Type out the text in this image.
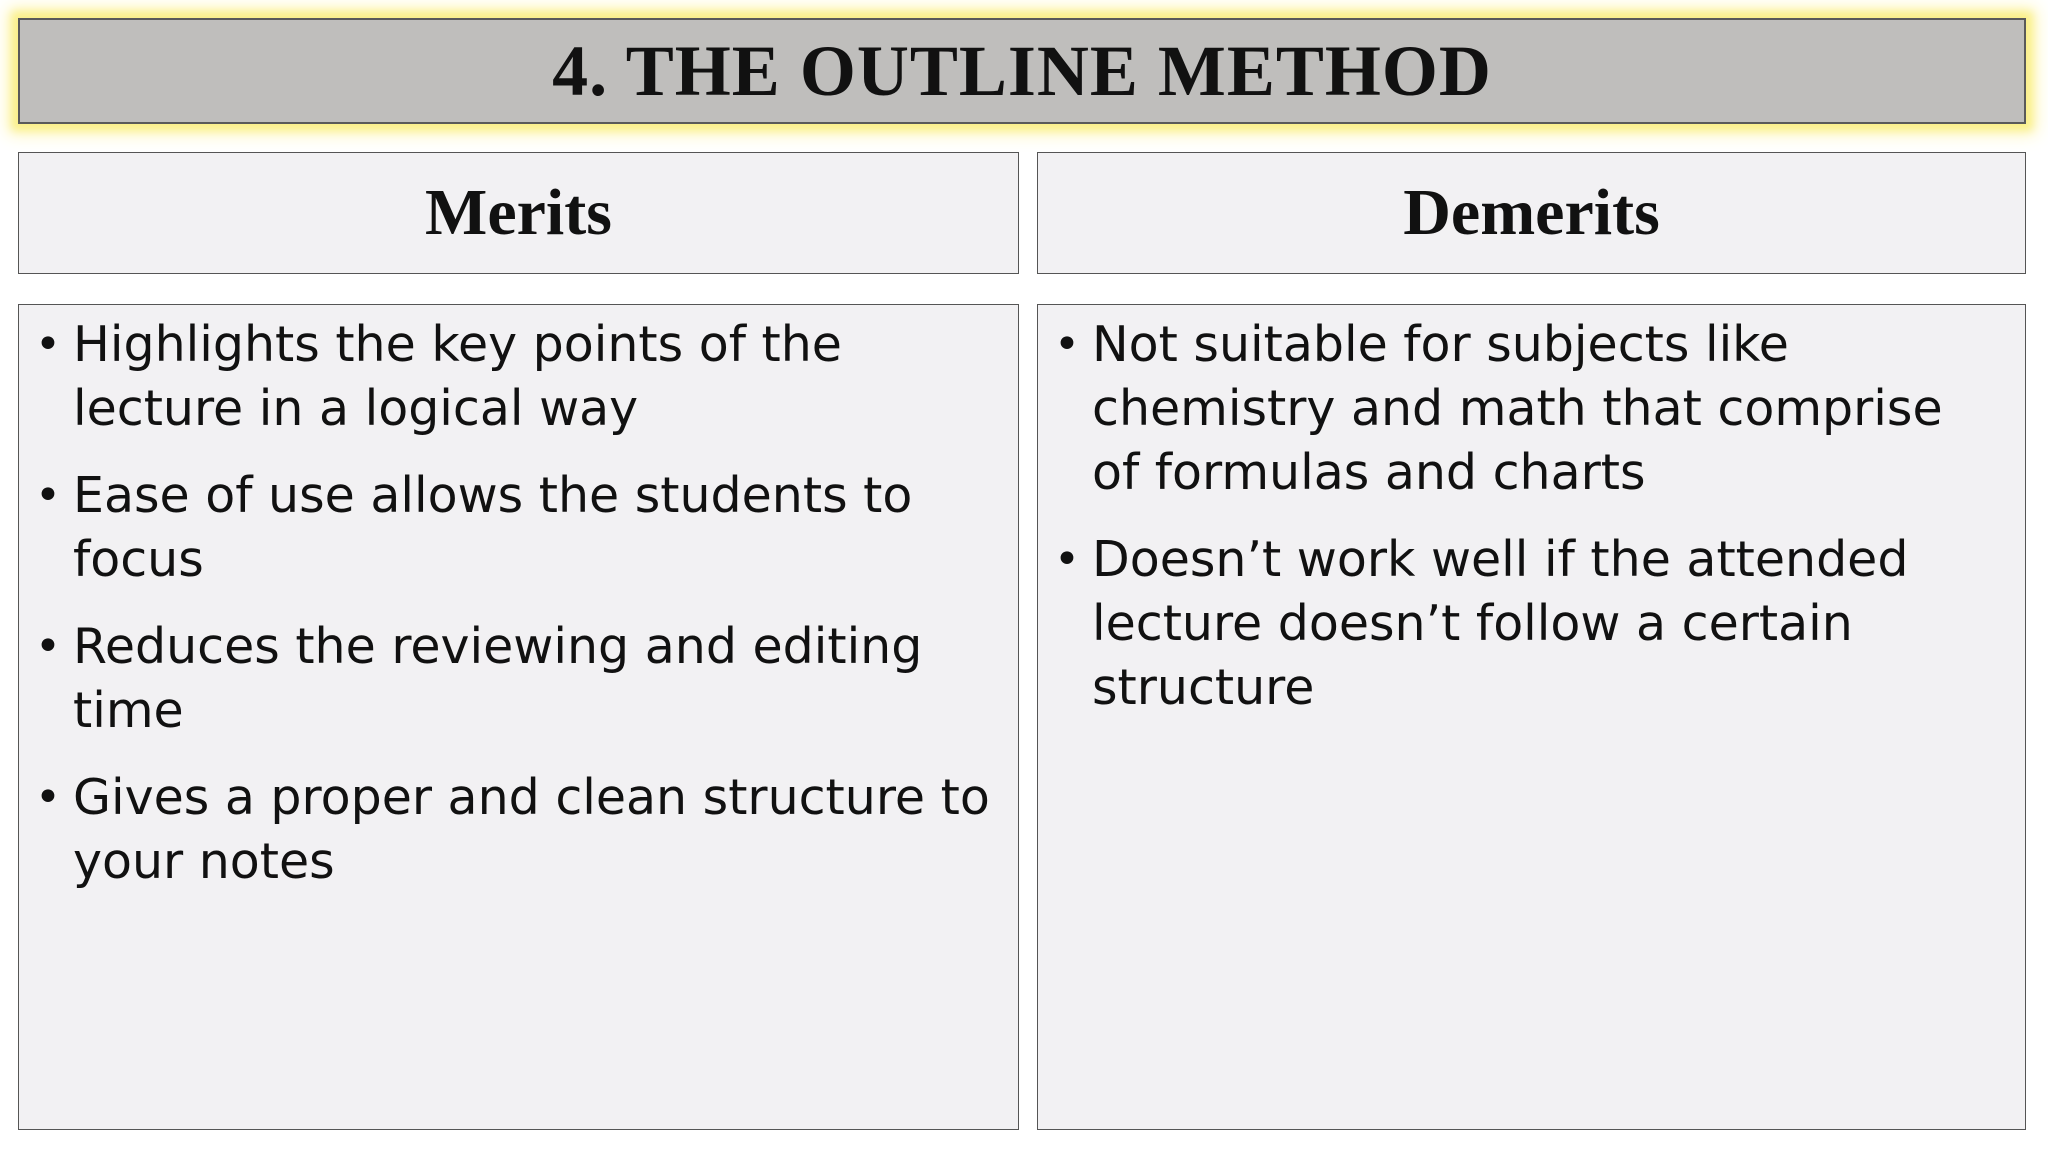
4. THE OUTLINE METHOD
Merits	Demerits
• Highlights the key points of the lecture in a logical way
• Ease of use allows the students to focus
• Reduces the reviewing and editing time
• Gives a proper and clean structure to your notes
• Not suitable for subjects like chemistry and math that comprise of formulas and charts
• Doesn’t work well if the attended lecture doesn’t follow a certain structure
